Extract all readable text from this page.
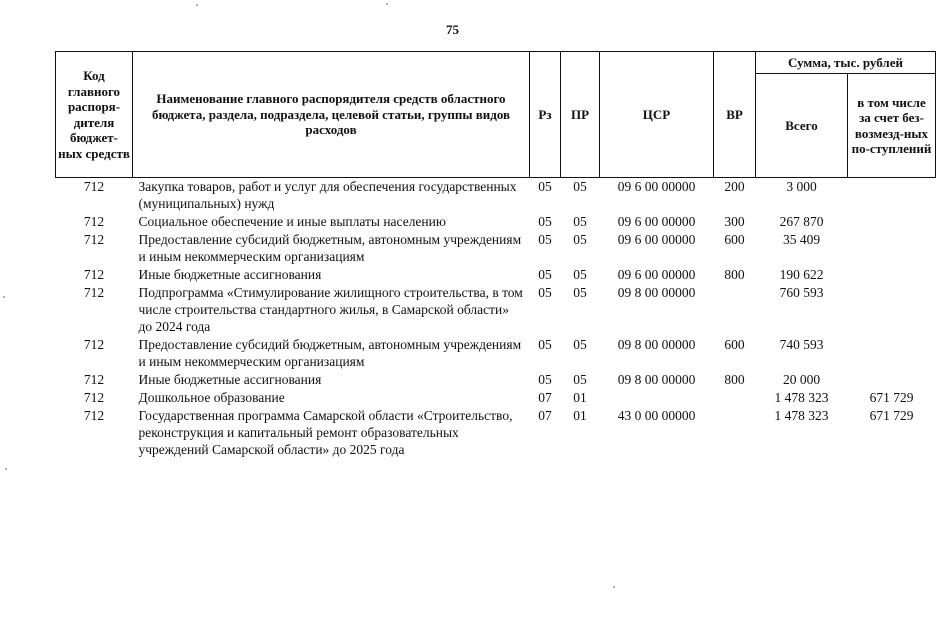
75
Код главного распоря-дителя бюджет-ных средств	Наименование главного распорядителя средств областного бюджета, раздела, подраздела, целевой статьи, группы видов расходов	Рз	ПР	ЦСР	ВР	Сумма, тыс. рублей	
						Всего	в том числе за счет без-возмезд-ных по-ступлений
712	Закупка товаров, работ и услуг для обеспечения государственных (муниципальных) нужд	05	05	09 6 00 00000	200	3 000	
712	Социальное обеспечение и иные выплаты населению	05	05	09 6 00 00000	300	267 870	
712	Предоставление субсидий бюджетным, автономным учреждениям и иным некоммерческим организациям	05	05	09 6 00 00000	600	35 409	
712	Иные бюджетные ассигнования	05	05	09 6 00 00000	800	190 622	
712	Подпрограмма «Стимулирование жилищного строительства, в том числе строительства стандартного жилья, в Самарской области» до 2024 года	05	05	09 8 00 00000		760 593	
712	Предоставление субсидий бюджетным, автономным учреждениям и иным некоммерческим организациям	05	05	09 8 00 00000	600	740 593	
712	Иные бюджетные ассигнования	05	05	09 8 00 00000	800	20 000	
712	Дошкольное образование	07	01			1 478 323	671 729
712	Государственная программа Самарской области «Строительство, реконструкция и капитальный ремонт образовательных учреждений Самарской области» до 2025 года	07	01	43 0 00 00000		1 478 323	671 729
